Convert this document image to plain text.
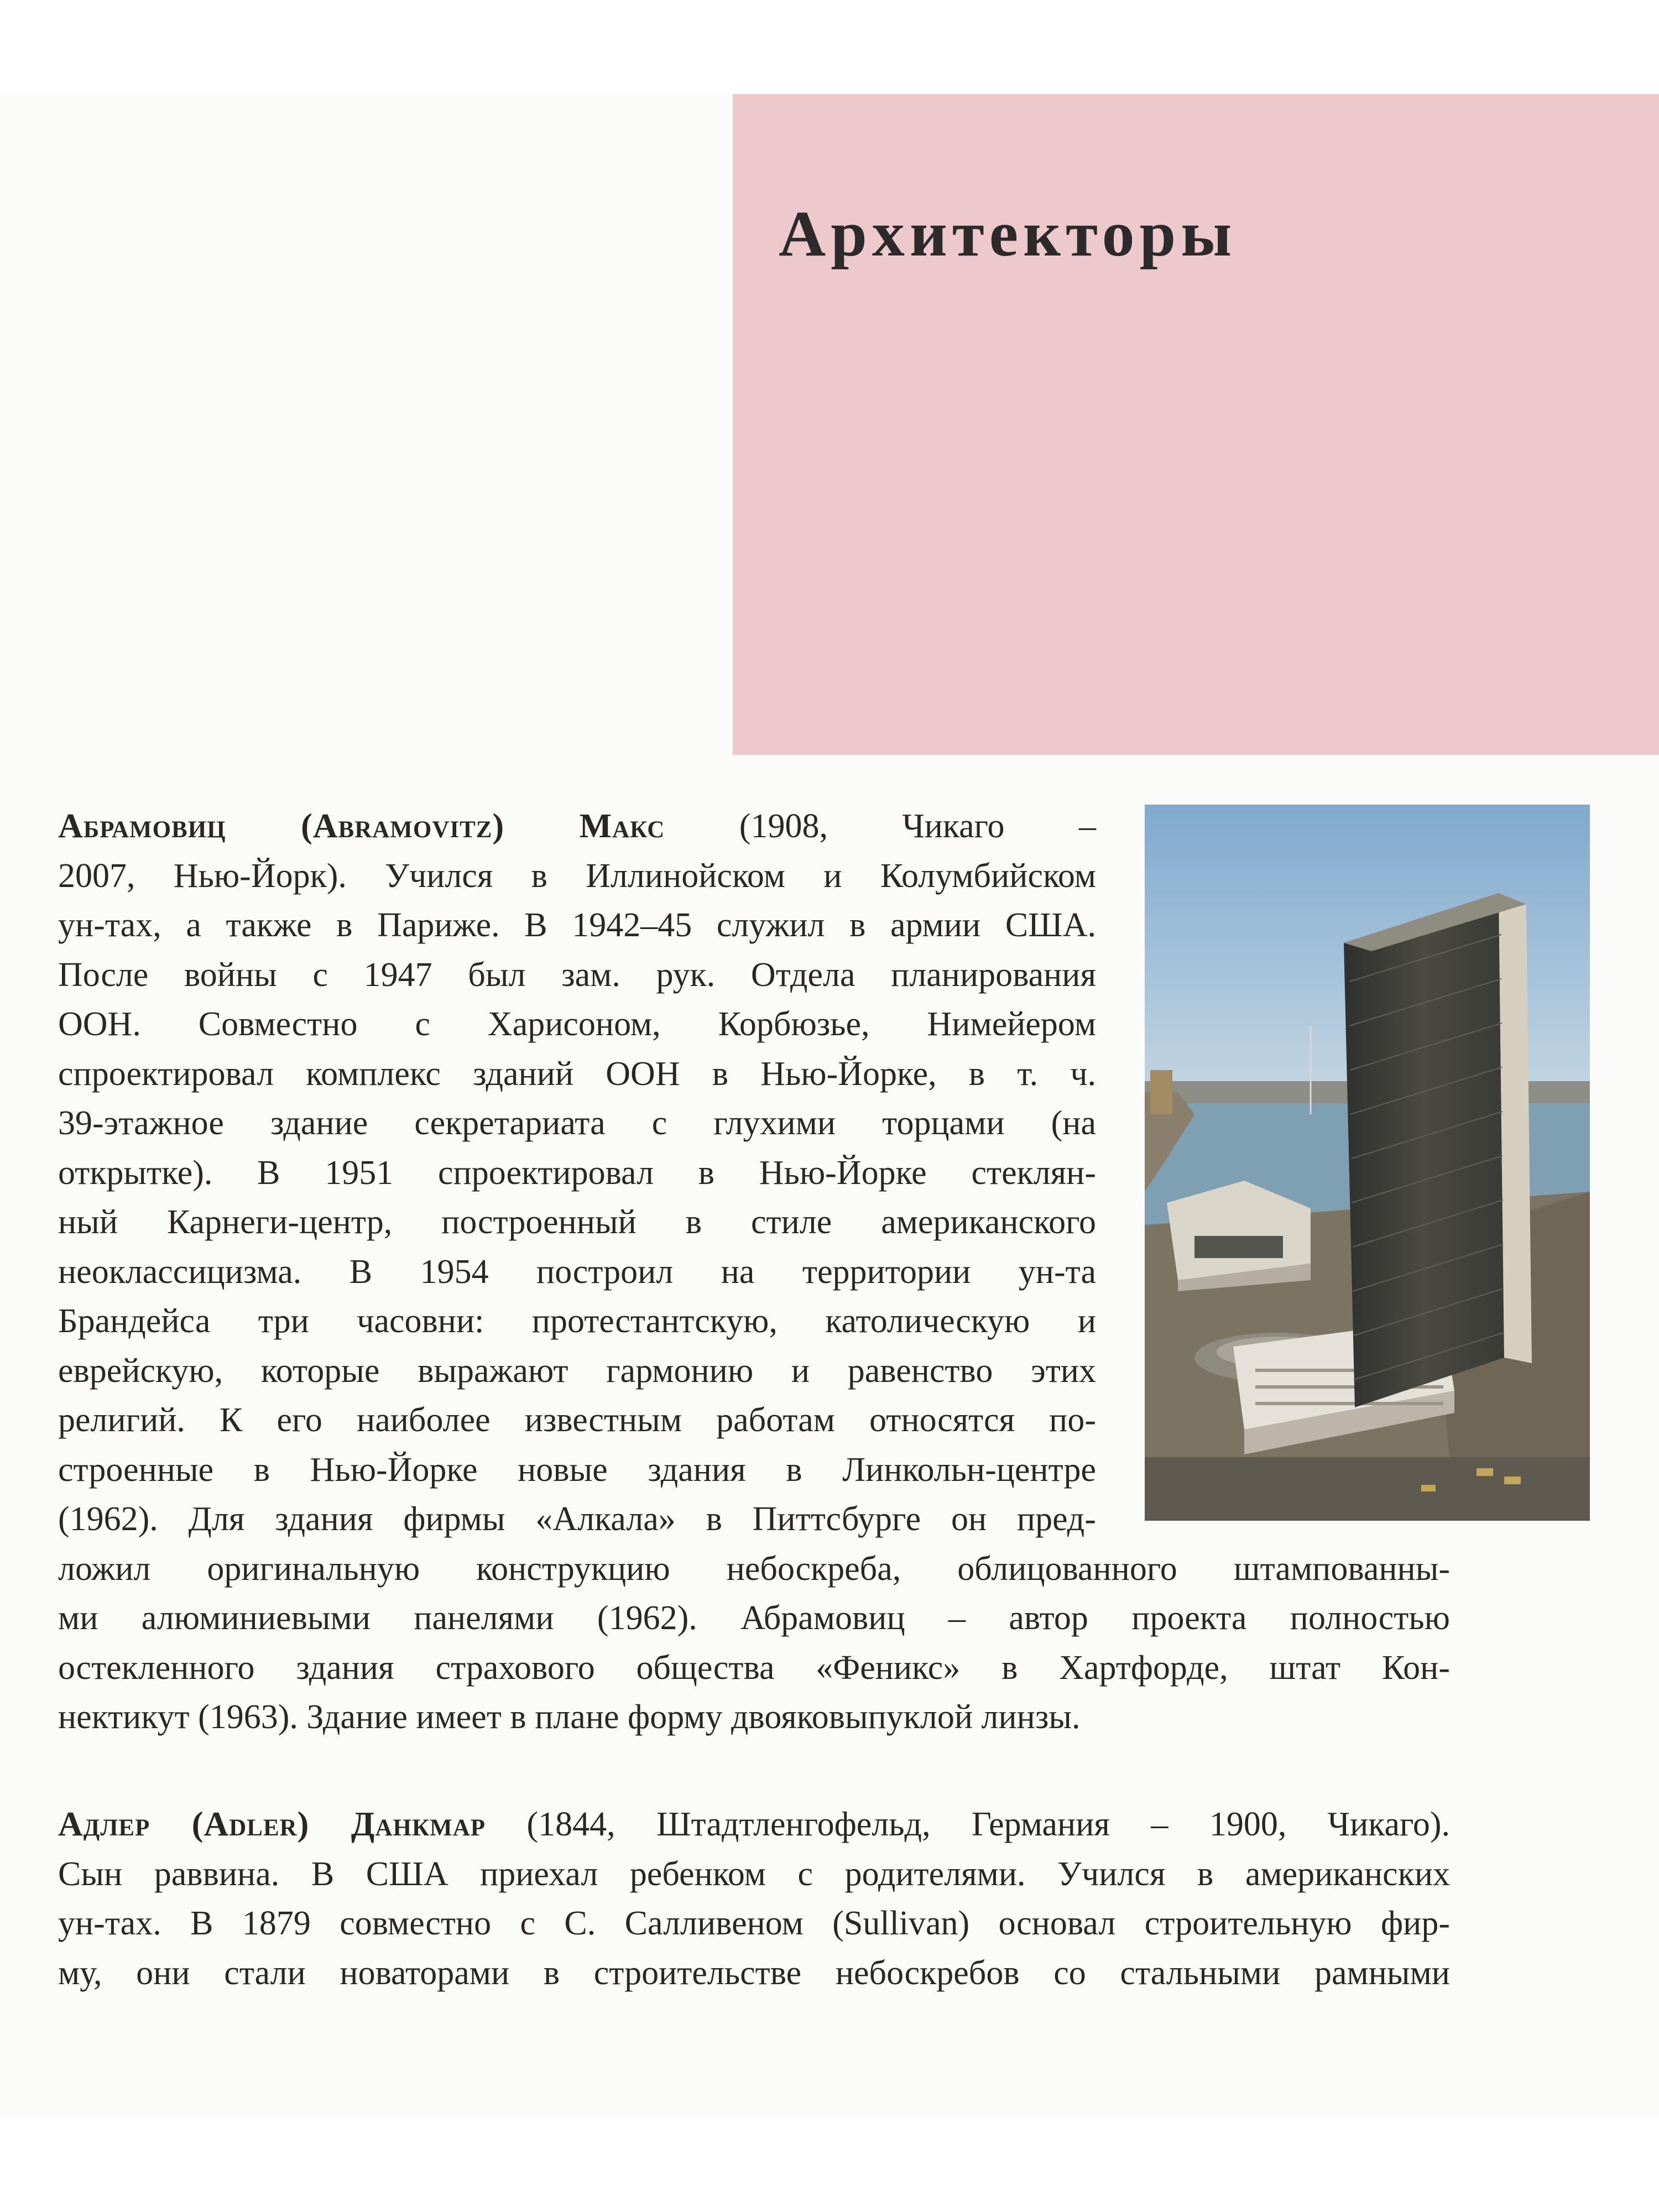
Архитекторы

Абрамовиц (Abramovitz) Макс (1908, Чикаго –
2007, Нью-Йорк). Учился в Иллинойском и Колумбийском
ун-тах, а также в Париже. В 1942–45 служил в армии США.
После войны с 1947 был зам. рук. Отдела планирования
ООН. Совместно с Харисоном, Корбюзье, Нимейером
спроектировал комплекс зданий ООН в Нью-Йорке, в т. ч.
39-этажное здание секретариата с глухими торцами (на
открытке). В 1951 спроектировал в Нью-Йорке стеклян-
ный Карнеги-центр, построенный в стиле американского
неоклассицизма. В 1954 построил на территории ун-та
Брандейса три часовни: протестантскую, католическую и
еврейскую, которые выражают гармонию и равенство этих
религий. К его наиболее известным работам относятся по-
строенные в Нью-Йорке новые здания в Линкольн-центре
(1962). Для здания фирмы «Алкала» в Питтсбурге он пред-
ложил оригинальную конструкцию небоскреба, облицованного штампованны-
ми алюминиевыми панелями (1962). Абрамовиц – автор проекта полностью
остекленного здания страхового общества «Феникс» в Хартфорде, штат Кон-
нектикут (1963). Здание имеет в плане форму двояковыпуклой линзы.

Адлер (Adler) Данкмар (1844, Штадтленгофельд, Германия – 1900, Чикаго).
Сын раввина. В США приехал ребенком с родителями. Учился в американских
ун-тах. В 1879 совместно с С. Салливеном (Sullivan) основал строительную фир-
му, они стали новаторами в строительстве небоскребов со стальными рамными
